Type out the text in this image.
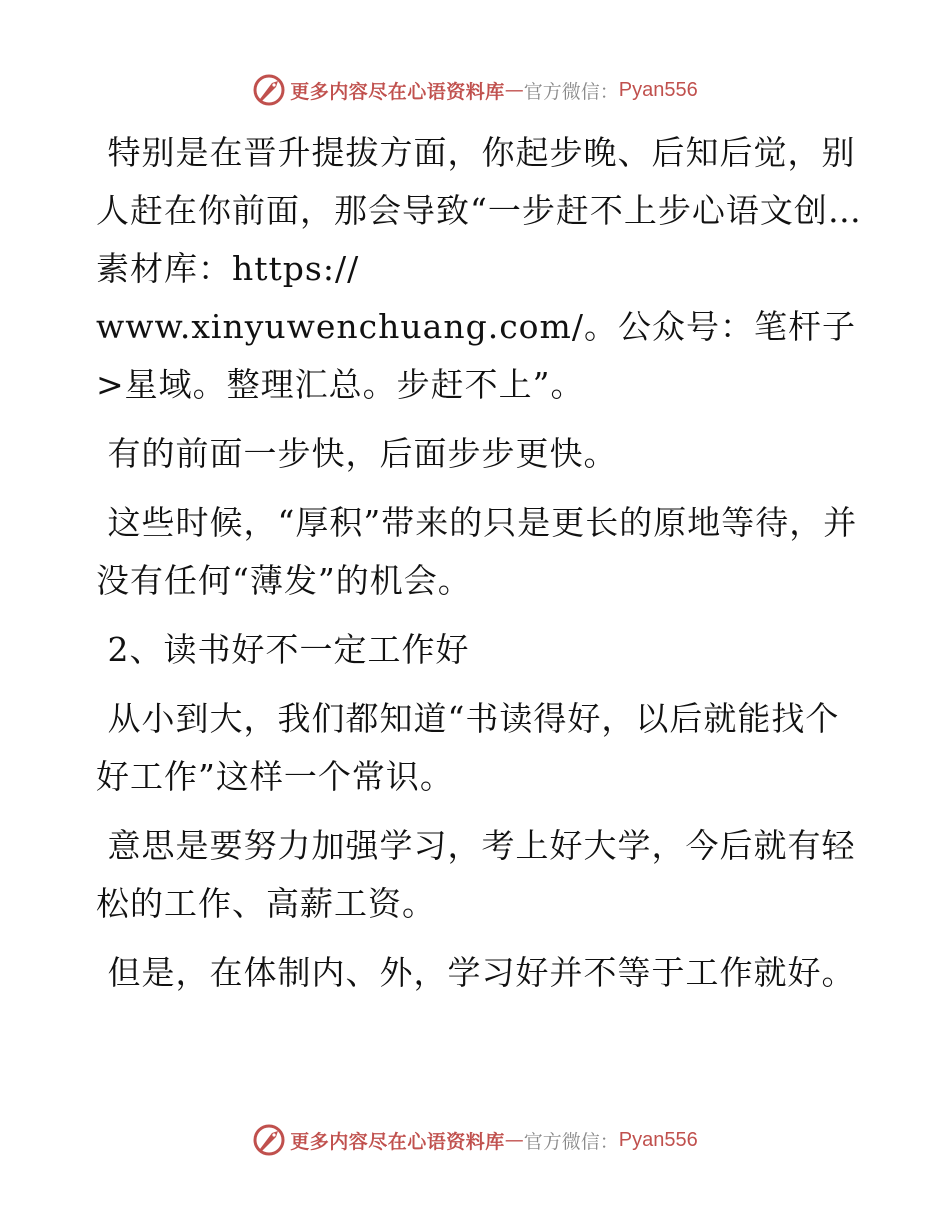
更多内容尽在心语资料库 — 官方微信： Pyan556

特别是在晋升提拔方面，你起步晚、后知后觉，别人赶在你前面，那会导致“一步赶不上步心语文创…素材库：https://
www.xinyuwenchuang.com/。公众号：笔杆子>星域。整理汇总。步赶不上”。

有的前面一步快，后面步步更快。

这些时候，“厚积”带来的只是更长的原地等待，并没有任何“薄发”的机会。

2、读书好不一定工作好

从小到大，我们都知道“书读得好，以后就能找个好工作”这样一个常识。

意思是要努力加强学习，考上好大学，今后就有轻松的工作、高薪工资。

但是，在体制内、外，学习好并不等于工作就好。

更多内容尽在心语资料库 — 官方微信： Pyan556
